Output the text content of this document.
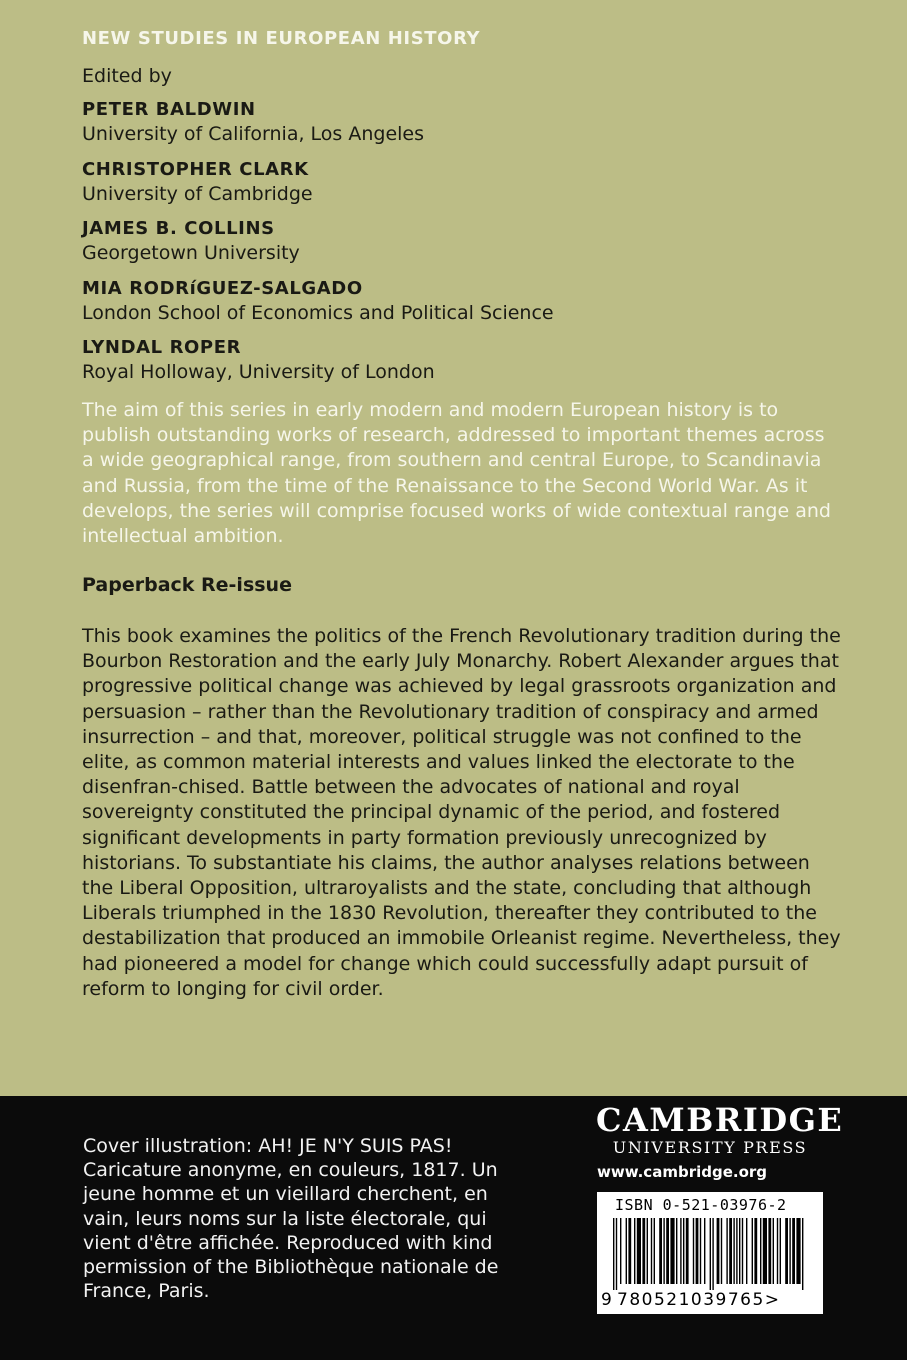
NEW STUDIES IN EUROPEAN HISTORY
Edited by
PETER BALDWIN
University of California, Los Angeles
CHRISTOPHER CLARK
University of Cambridge
JAMES B. COLLINS
Georgetown University
MIA RODRíGUEZ-SALGADO
London School of Economics and Political Science
LYNDAL ROPER
Royal Holloway, University of London

The aim of this series in early modern and modern European history is to publish outstanding works of research, addressed to important themes across a wide geographical range, from southern and central Europe, to Scandinavia and Russia, from the time of the Renaissance to the Second World War. As it develops, the series will comprise focused works of wide contextual range and intellectual ambition.

Paperback Re-issue

This book examines the politics of the French Revolutionary tradition during the Bourbon Restoration and the early July Monarchy. Robert Alexander argues that progressive political change was achieved by legal grassroots organization and persuasion – rather than the Revolutionary tradition of conspiracy and armed insurrection – and that, moreover, political struggle was not confined to the elite, as common material interests and values linked the electorate to the disenfran-chised. Battle between the advocates of national and royal sovereignty constituted the principal dynamic of the period, and fostered significant developments in party formation previously unrecognized by historians. To substantiate his claims, the author analyses relations between the Liberal Opposition, ultraroyalists and the state, concluding that although Liberals triumphed in the 1830 Revolution, thereafter they contributed to the destabilization that produced an immobile Orleanist regime. Nevertheless, they had pioneered a model for change which could successfully adapt pursuit of reform to longing for civil order.

Cover illustration: AH! JE N'Y SUIS PAS! Caricature anonyme, en couleurs, 1817. Un jeune homme et un vieillard cherchent, en vain, leurs noms sur la liste électorale, qui vient d'être affichée. Reproduced with kind permission of the Bibliothèque nationale de France, Paris.

CAMBRIDGE
UNIVERSITY PRESS
www.cambridge.org
ISBN 0-521-03976-2
9 780521039765>
